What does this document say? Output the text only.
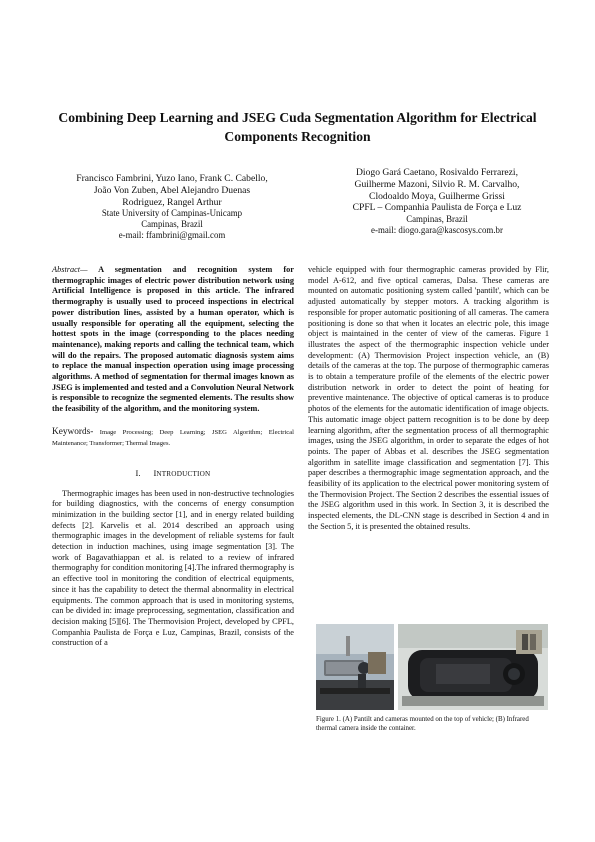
Combining Deep Learning and JSEG Cuda Segmentation Algorithm for Electrical
Components Recognition
Francisco Fambrini, Yuzo Iano, Frank C. Cabello,
João Von Zuben, Abel Alejandro Duenas
Rodriguez, Rangel Arthur
State University of Campinas-Unicamp
Campinas, Brazil
e-mail: ffambrini@gmail.com
Diogo Gará Caetano, Rosivaldo Ferrarezi,
Guilherme Mazoni, Silvio R. M. Carvalho,
Clodoaldo Moya, Guilherme Grissi
CPFL – Companhia Paulista de Força e Luz
Campinas, Brazil
e-mail: diogo.gara@kascosys.com.br

Abstract— A segmentation and recognition system for thermographic images of electric power distribution network using Artificial Intelligence is proposed in this article. The infrared thermography is usually used to proceed inspections in electrical power distribution lines, assisted by a human operator, which is usually responsible for operating all the equipment, selecting the hottest spots in the image (corresponding to the places needing maintenance), making reports and calling the technical team, which will do the repairs. The proposed automatic diagnosis system aims to replace the manual inspection operation using image processing algorithms. A method of segmentation for thermal images known as JSEG is implemented and tested and a Convolution Neural Network is responsible to recognize the segmented elements. The results show the feasibility of the algorithm, and the monitoring system.

Keywords- Image Processing; Deep Learning; JSEG Algorithm; Electrical Maintenance; Transformer; Thermal Images.

I. INTRODUCTION

Thermographic images has been used in non-destructive technologies for building diagnostics, with the concerns of energy consumption minimization in the building sector [1], and in energy related building defects [2]. Karvelis et al. 2014 described an approach using thermographic images in the development of reliable systems for fault detection in induction machines, using image segmentation [3]. The work of Bagavathiappan et al. is related to a review of infrared thermography for condition monitoring [4].The infrared thermography is an effective tool in monitoring the condition of electrical equipments, since it has the capability to detect the thermal abnormality in electrical equipments. The common approach that is used in monitoring systems, can be divided in: image preprocessing, segmentation, classification and decision making [5][6]. The Thermovision Project, developed by CPFL, Companhia Paulista de Força e Luz, Campinas, Brazil, consists of the construction of a

vehicle equipped with four thermographic cameras provided by Flir, model A-612, and five optical cameras, Dalsa. These cameras are mounted on automatic positioning system called 'pantilt', which can be adjusted automatically by stepper motors. A tracking algorithm is responsible for proper automatic positioning of all cameras. The camera positioning is done so that when it locates an electric pole, this image object is maintained in the center of view of the cameras. Figure 1 illustrates the aspect of the thermographic inspection vehicle under development: (A) Thermovision Project inspection vehicle, an (B) details of the cameras at the top. The purpose of thermographic cameras is to obtain a temperature profile of the elements of the electric power distribution network in order to detect the point of heating for preventive maintenance. The objective of optical cameras is to produce photos of the elements for the automatic identification of image objects. This automatic image object pattern recognition is to be done by deep learning algorithm, after the segmentation process of all thermographic images, using the JSEG algorithm, in order to separate the edges of hot points. The paper of Abbas et al. describes the JSEG segmentation algorithm in satellite image classification and segmentation [7]. This paper describes a thermographic image segmentation approach, and the feasibility of its application to the electrical power monitoring system of the Thermovision Project. The Section 2 describes the essential issues of the JSEG algorithm used in this work. In Section 3, it is described the inspected elements, the DL-CNN stage is described in Section 4 and in the Section 5, it is presented the obtained results.

Figure 1. (A) Pantilt and cameras mounted on the top of vehicle; (B) Infrared thermal camera inside the container.
